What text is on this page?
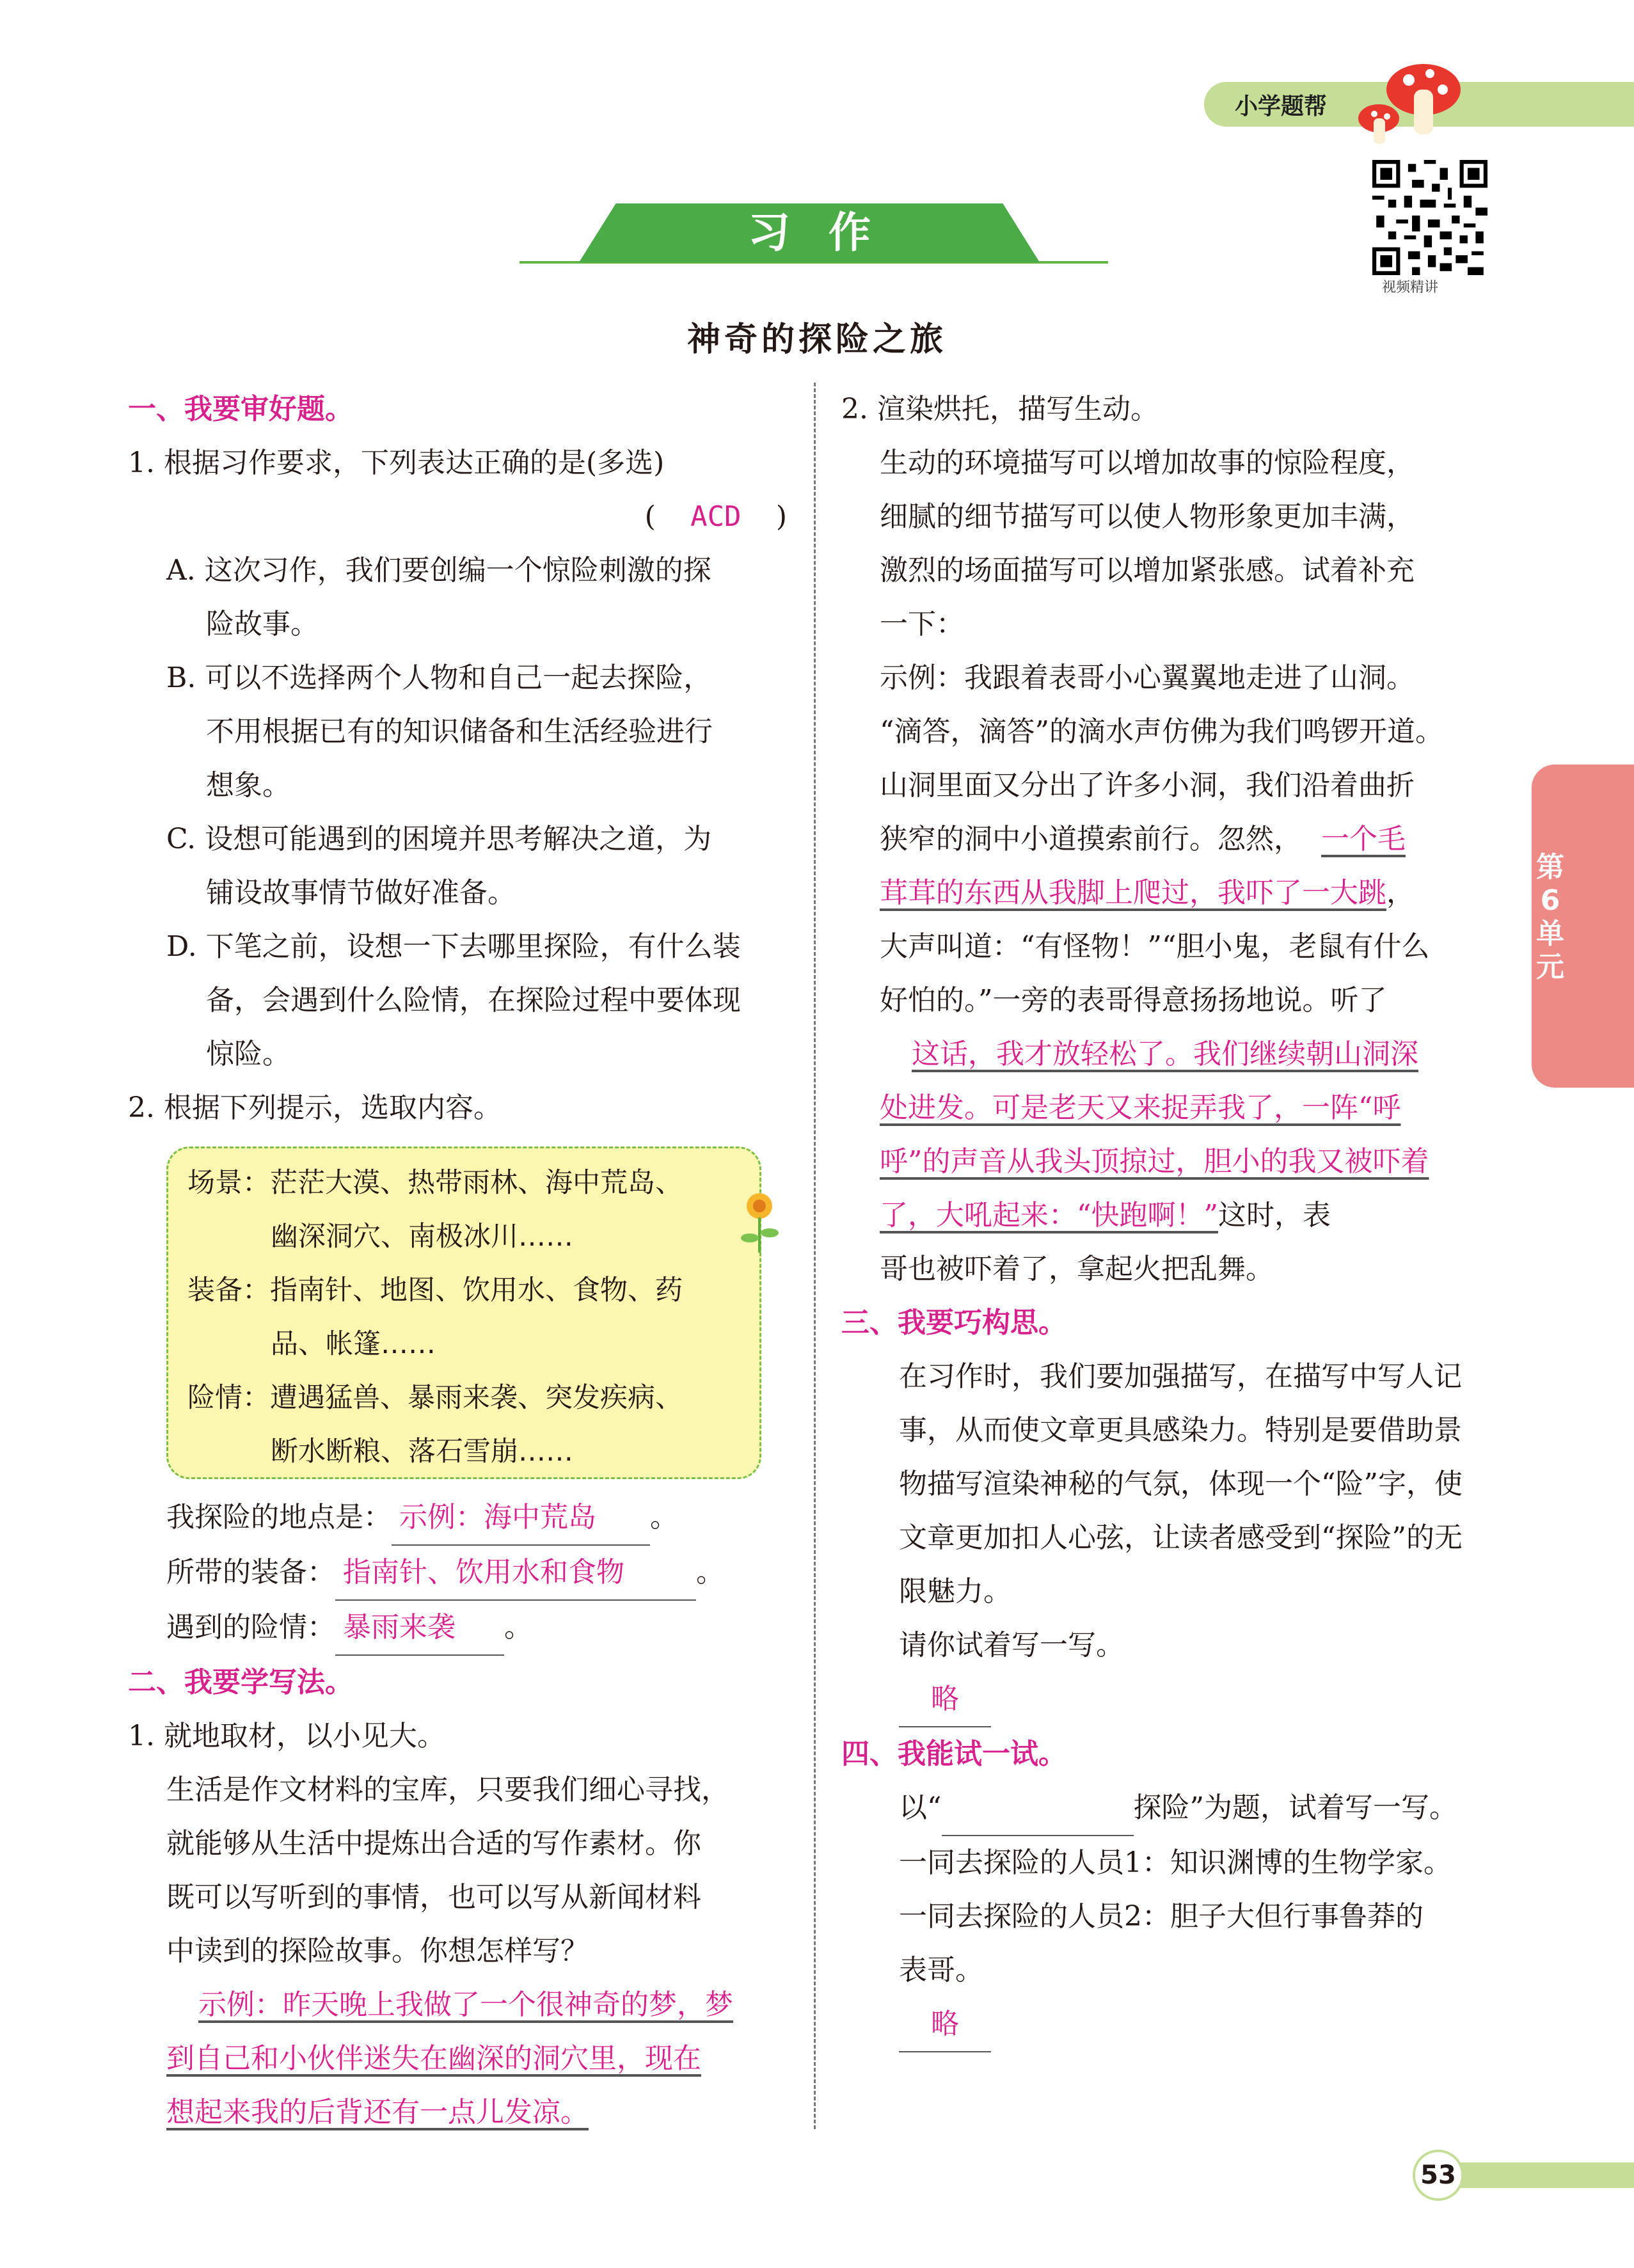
小学题帮
视频精讲
习作
神奇的探险之旅
第6单元

一、我要审好题。

1. 根据习作要求，下列表达正确的是(多选)

( ACD )

A. 这次习作，我们要创编一个惊险刺激的探

险故事。

B. 可以不选择两个人物和自己一起去探险，

不用根据已有的知识储备和生活经验进行

想象。

C. 设想可能遇到的困境并思考解决之道，为

铺设故事情节做好准备。

D. 下笔之前，设想一下去哪里探险，有什么装

备，会遇到什么险情，在探险过程中要体现

惊险。

2. 根据下列提示，选取内容。

场景：茫茫大漠、热带雨林、海中荒岛、
幽深洞穴、南极冰川……
装备：指南针、地图、饮用水、食物、药
品、帐篷……
险情：遭遇猛兽、暴雨来袭、突发疾病、
断水断粮、落石雪崩……

我探险的地点是： 示例：海中荒岛 。

所带的装备： 指南针、饮用水和食物	。

遇到的险情： 暴雨来袭 。

二、我要学写法。

1. 就地取材，以小见大。

生活是作文材料的宝库，只要我们细心寻找，

就能够从生活中提炼出合适的写作素材。你

既可以写听到的事情，也可以写从新闻材料

中读到的探险故事。你想怎样写？

示例：昨天晚上我做了一个很神奇的梦，梦

到自己和小伙伴迷失在幽深的洞穴里，现在

想起来我的后背还有一点儿发凉。

2. 渲染烘托，描写生动。

生动的环境描写可以增加故事的惊险程度，

细腻的细节描写可以使人物形象更加丰满，

激烈的场面描写可以增加紧张感。试着补充

一下：

示例：我跟着表哥小心翼翼地走进了山洞。

“滴答，滴答”的滴水声仿佛为我们鸣锣开道。

山洞里面又分出了许多小洞，我们沿着曲折

狭窄的洞中小道摸索前行。忽然， 一个毛

茸茸的东西从我脚上爬过，我吓了一大跳，

大声叫道：“有怪物！”“胆小鬼，老鼠有什么

好怕的。”一旁的表哥得意扬扬地说。听了

这话，我才放轻松了。我们继续朝山洞深

处进发。可是老天又来捉弄我了，一阵“呼

呼”的声音从我头顶掠过，胆小的我又被吓着

了，大吼起来：“快跑啊！”这时，表

哥也被吓着了，拿起火把乱舞。

三、我要巧构思。

在习作时，我们要加强描写，在描写中写人记

事，从而使文章更具感染力。特别是要借助景

物描写渲染神秘的气氛，体现一个“险”字，使

文章更加扣人心弦，让读者感受到“探险”的无

限魅力。

请你试着写一写。

略

四、我能试一试。

以“	探险”为题，试着写一写。

一同去探险的人员1：知识渊博的生物学家。

一同去探险的人员2：胆子大但行事鲁莽的

表哥。

略

53
